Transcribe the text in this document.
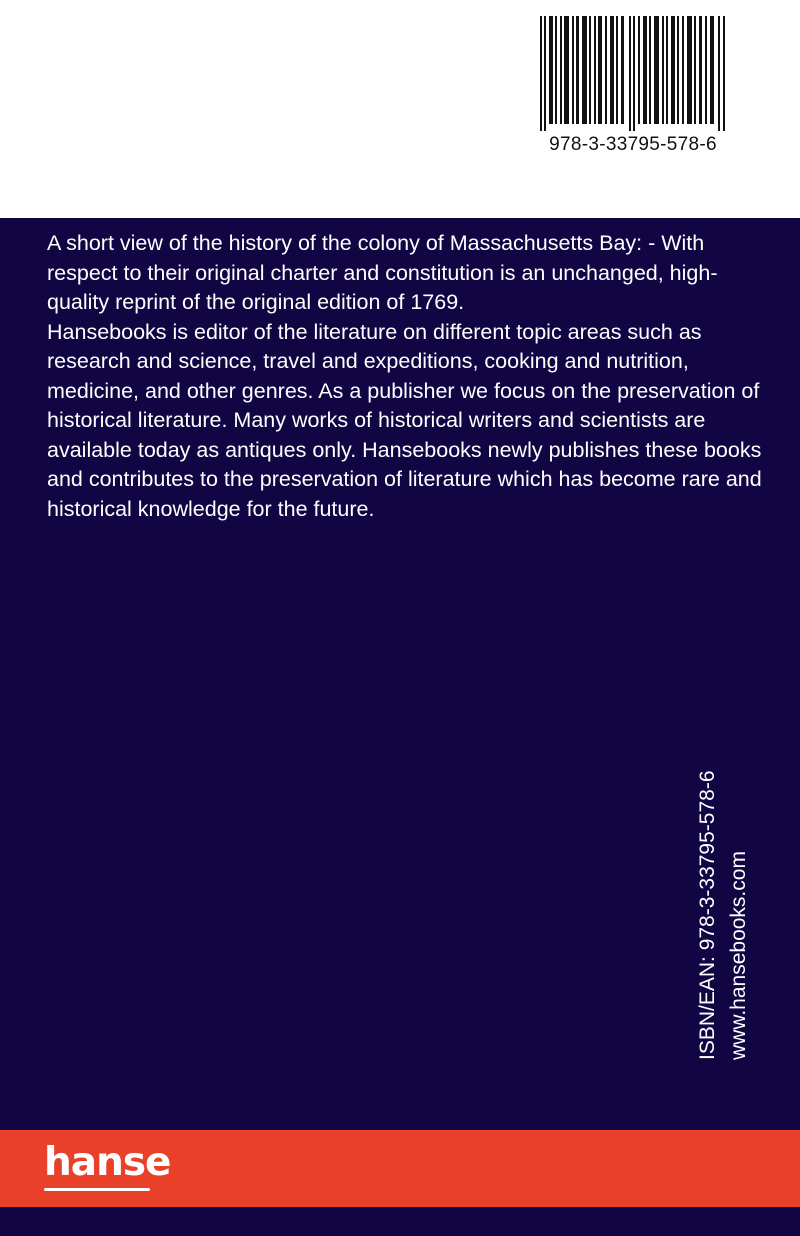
978-3-33795-578-6

A short view of the history of the colony of Massachusetts Bay: - With respect to their original charter and constitution is an unchanged, high-quality reprint of the original edition of 1769.

Hansebooks is editor of the literature on different topic areas such as research and science, travel and expeditions, cooking and nutrition, medicine, and other genres. As a publisher we focus on the preservation of historical literature. Many works of historical writers and scientists are available today as antiques only. Hansebooks newly publishes these books and contributes to the preservation of literature which has become rare and historical knowledge for the future.

ISBN/EAN: 978-3-33795-578-6 www.hansebooks.com
hanse
